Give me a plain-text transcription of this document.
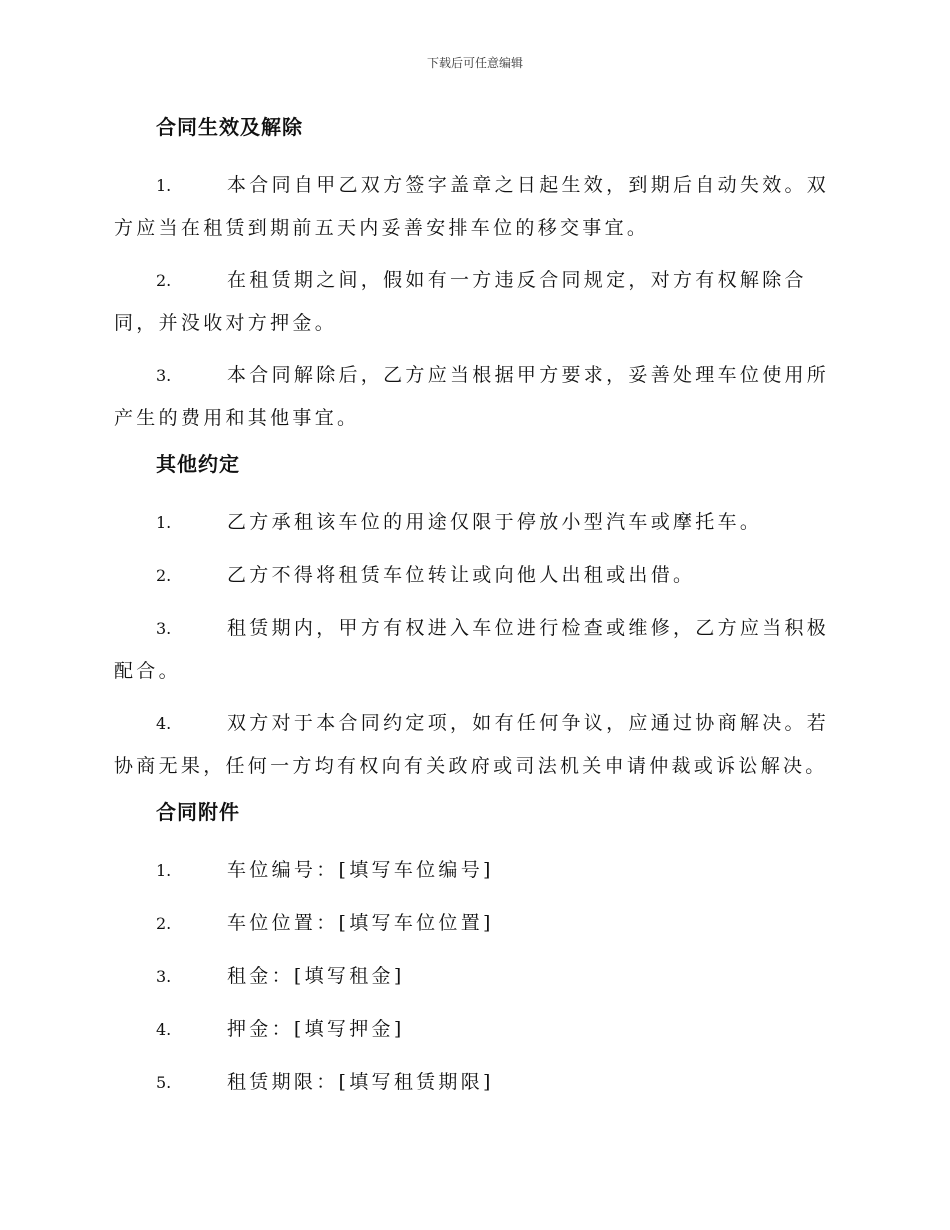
下载后可任意编辑
合同生效及解除
1.	本合同自甲乙双方签字盖章之日起生效，到期后自动失效。双方应当在租赁到期前五天内妥善安排车位的移交事宜。
2.	在租赁期之间，假如有一方违反合同规定，对方有权解除合同，并没收对方押金。
3.	本合同解除后，乙方应当根据甲方要求，妥善处理车位使用所产生的费用和其他事宜。
其他约定
1.	乙方承租该车位的用途仅限于停放小型汽车或摩托车。
2.	乙方不得将租赁车位转让或向他人出租或出借。
3.	租赁期内，甲方有权进入车位进行检查或维修，乙方应当积极配合。
4.	双方对于本合同约定项，如有任何争议，应通过协商解决。若协商无果，任何一方均有权向有关政府或司法机关申请仲裁或诉讼解决。
合同附件
1.	车位编号：[填写车位编号]
2.	车位位置：[填写车位位置]
3.	租金：[填写租金]
4.	押金：[填写押金]
5.	租赁期限：[填写租赁期限]
